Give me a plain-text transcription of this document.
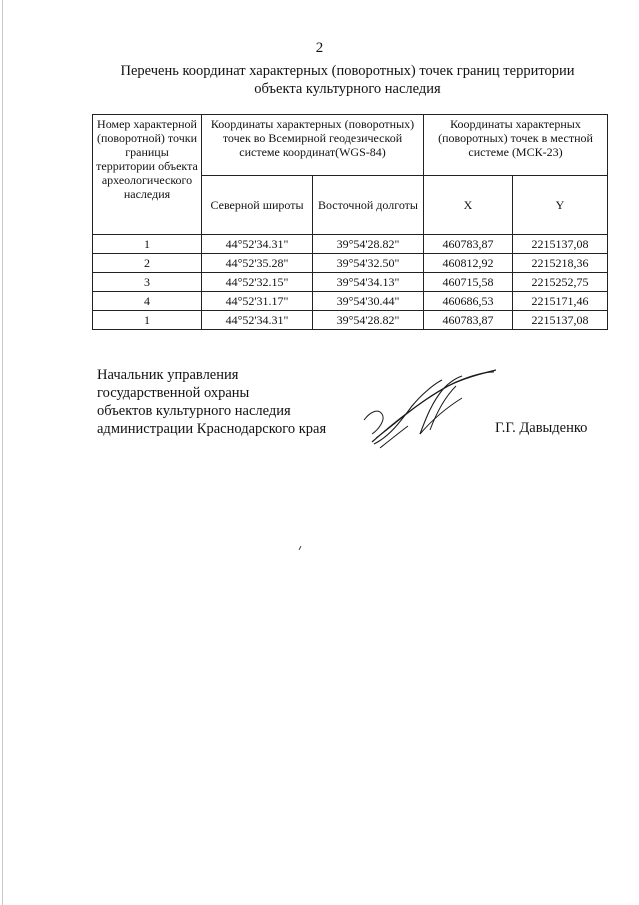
2
Перечень координат характерных (поворотных) точек границ территории
объекта культурного наследия
Номер характерной (поворотной) точки границы территории объекта археологического наследия	Координаты характерных (поворотных) точек во Всемирной геодезической системе координат(WGS-84)		Координаты характерных (поворотных) точек в местной системе (МСК-23)	
	Северной широты	Восточной долготы	X	Y
1	44°52'34.31"	39°54'28.82"	460783,87	2215137,08
2	44°52'35.28"	39°54'32.50"	460812,92	2215218,36
3	44°52'32.15"	39°54'34.13"	460715,58	2215252,75
4	44°52'31.17"	39°54'30.44"	460686,53	2215171,46
1	44°52'34.31"	39°54'28.82"	460783,87	2215137,08
Начальник управления
государственной охраны
объектов культурного наследия
администрации Краснодарского края	Г.Г. Давыденко
